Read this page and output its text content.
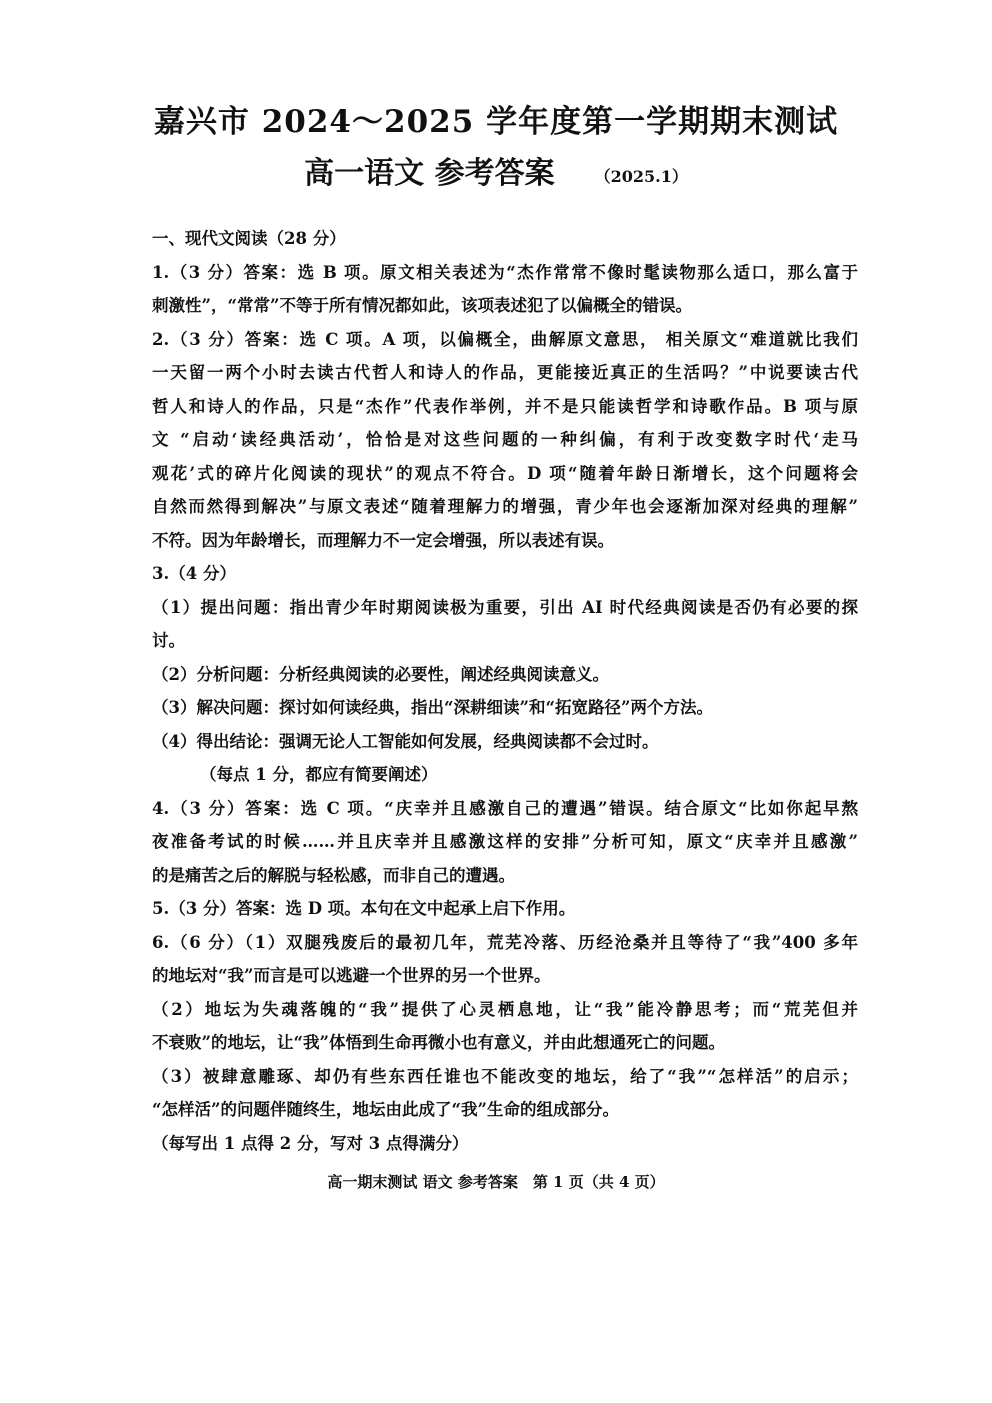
嘉兴市 2024～2025 学年度第一学期期末测试
高一语文 参考答案	（2025.1）
一、现代文阅读（28 分）
1.（3 分）答案：选 B 项。原文相关表述为“杰作常常不像时髦读物那么适口，那么富于
刺激性”，“常常”不等于所有情况都如此，该项表述犯了以偏概全的错误。
2.（3 分）答案：选 C 项。A 项，以偏概全，曲解原文意思， 相关原文“难道就比我们
一天留一两个小时去读古代哲人和诗人的作品，更能接近真正的生活吗？”中说要读古代
哲人和诗人的作品，只是“杰作”代表作举例，并不是只能读哲学和诗歌作品。B 项与原
文 “启动‘读经典活动’，恰恰是对这些问题的一种纠偏，有利于改变数字时代‘走马
观花’式的碎片化阅读的现状”的观点不符合。D 项“随着年龄日渐增长，这个问题将会
自然而然得到解决”与原文表述“随着理解力的增强，青少年也会逐渐加深对经典的理解”
不符。因为年龄增长，而理解力不一定会增强，所以表述有误。
3.（4 分）
（1）提出问题：指出青少年时期阅读极为重要，引出 AI 时代经典阅读是否仍有必要的探
讨。
（2）分析问题：分析经典阅读的必要性，阐述经典阅读意义。
（3）解决问题：探讨如何读经典，指出“深耕细读”和“拓宽路径”两个方法。
（4）得出结论：强调无论人工智能如何发展，经典阅读都不会过时。
（每点 1 分，都应有简要阐述）
4.（3 分）答案：选 C 项。“庆幸并且感激自己的遭遇”错误。结合原文“比如你起早熬
夜准备考试的时候……并且庆幸并且感激这样的安排”分析可知，原文“庆幸并且感激”
的是痛苦之后的解脱与轻松感，而非自己的遭遇。
5.（3 分）答案：选 D 项。本句在文中起承上启下作用。
6.（6 分）（1）双腿残废后的最初几年，荒芜冷落、历经沧桑并且等待了“我”400 多年
的地坛对“我”而言是可以逃避一个世界的另一个世界。
（2）地坛为失魂落魄的“我”提供了心灵栖息地，让“我”能冷静思考；而“荒芜但并
不衰败”的地坛，让“我”体悟到生命再微小也有意义，并由此想通死亡的问题。
（3）被肆意雕琢、却仍有些东西任谁也不能改变的地坛，给了“我”“怎样活”的启示；
“怎样活”的问题伴随终生，地坛由此成了“我”生命的组成部分。
（每写出 1 点得 2 分，写对 3 点得满分）
高一期末测试 语文 参考答案　第 1 页（共 4 页）
